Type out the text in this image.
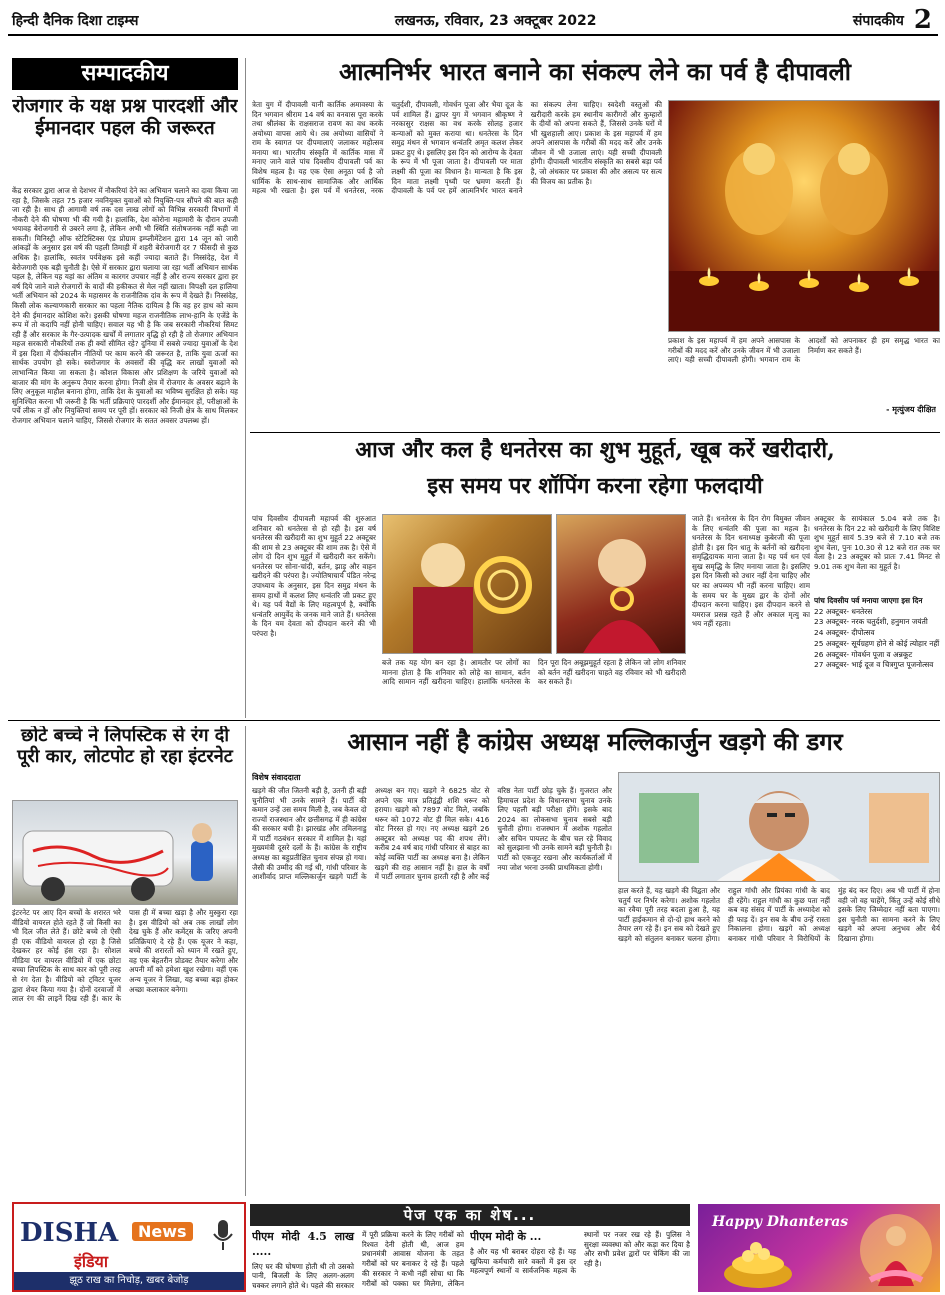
हिन्दी दैनिक दिशा टाइम्स	लखनऊ, रविवार, 23 अक्टूबर 2022	संपादकीय 2
सम्पादकीय
रोजगार के यक्ष प्रश्न पारदर्शी और ईमानदार पहल की जरूरत
केंद्र सरकार द्वारा आज से देशभर में नौकरियां देने का अभियान चलाने का दावा किया जा रहा है, जिसके तहत 75 हजार नवनियुक्त युवाओं को नियुक्ति-पत्र सौंपने की बात कही जा रही है। साथ ही आगामी वर्ष तक दस लाख लोगों को विभिन्न सरकारी विभागों में नौकरी देने की घोषणा भी की गयी है। हालांकि, देश कोरोना महामारी के दौरान उपजी भयावह बेरोजगारी से उबरने लगा है, लेकिन अभी भी स्थिति संतोषजनक नहीं कही जा सकती। मिनिस्ट्री ऑफ स्टेटिस्टिक्स एंड प्रोग्राम इम्प्लीमेंटेशन द्वारा 14 जून को जारी आंकड़ों के अनुसार इस वर्ष की पहली तिमाही में शहरी बेरोजगारी दर 7 फीसदी से कुछ अधिक है। हालांकि, स्वतंत्र पर्यवेक्षक इसे कहीं ज्यादा बताते हैं। निस्संदेह, देश में बेरोजगारी एक बड़ी चुनौती है। ऐसे में सरकार द्वारा चलाया जा रहा भर्ती अभियान सार्थक पहल है, लेकिन यह यहां का अंतिम व कारगर उपचार नहीं है और राज्य सरकार द्वारा हर वर्ष दिये जाने वाले रोजगारों के वादों की हकीकत से मेल नहीं खाता। विपक्षी दल हालिया भर्ती अभियान को 2024 के महासमर के राजनीतिक दांव के रूप में देखते हैं। निस्संदेह, किसी लोक कल्याणकारी सरकार का पहला नैतिक दायित्व है कि वह हर हाथ को काम देने की ईमानदार कोशिश करे। इसकी घोषणा महज राजनीतिक लाभ-हानि के एजेंडे के रूप में तो कदापि नहीं होनी चाहिए। सवाल यह भी है कि जब सरकारी नौकरियां सिमट रही हैं और सरकार के गैर-उत्पादक खर्चों में लगातार वृद्धि हो रही है तो रोजगार अभियान महज सरकारी नौकरियों तक ही क्यों सीमित रहे? दुनिया में सबसे ज्यादा युवाओं के देश में इस दिशा में दीर्घकालीन नीतियों पर काम करने की जरूरत है, ताकि युवा ऊर्जा का सार्थक उपयोग हो सके। स्वरोजगार के अवसरों की वृद्धि कर लाखों युवाओं को लाभान्वित किया जा सकता है। कौशल विकास और प्रशिक्षण के जरिये युवाओं को बाजार की मांग के अनुरूप तैयार करना होगा। निजी क्षेत्र में रोजगार के अवसर बढ़ाने के लिए अनुकूल माहौल बनाना होगा, ताकि देश के युवाओं का भविष्य सुरक्षित हो सके। यह सुनिश्चित करना भी जरूरी है कि भर्ती प्रक्रियाएं पारदर्शी और ईमानदार हों, परीक्षाओं के पर्चे लीक न हों और नियुक्तियां समय पर पूरी हों। सरकार को निजी क्षेत्र के साथ मिलकर रोजगार अभियान चलाने चाहिए, जिससे रोजगार के सतत अवसर उपलब्ध हों।
आत्मनिर्भर भारत बनाने का संकल्प लेने का पर्व है दीपावली
त्रेता युग में दीपावली यानी कार्तिक अमावस्या के दिन भगवान श्रीराम 14 वर्ष का वनवास पूरा करके तथा श्रीलंका के राक्षसराज रावण का वध करके अयोध्या वापस आये थे। तब अयोध्या वासियों ने राम के स्वागत पर दीपमालाएं जलाकर महोत्सव मनाया था। भारतीय संस्कृति में कार्तिक मास में मनाए जाने वाले पांच दिवसीय दीपावली पर्व का विशेष महत्व है। यह एक ऐसा अनूठा पर्व है जो धार्मिक के साथ-साथ सामाजिक और आर्थिक महत्व भी रखता है। इस पर्व में धनतेरस, नरक चतुर्दशी, दीपावली, गोवर्धन पूजा और भैया दूज के पर्व शामिल हैं। द्वापर युग में भगवान श्रीकृष्ण ने नरकासुर राक्षस का वध करके सोलह हजार कन्याओं को मुक्त कराया था। धनतेरस के दिन समुद्र मंथन से भगवान धन्वंतरि अमृत कलश लेकर प्रकट हुए थे। इसलिए इस दिन को आरोग्य के देवता के रूप में भी पूजा जाता है। दीपावली पर माता लक्ष्मी की पूजा का विधान है। मान्यता है कि इस दिन माता लक्ष्मी पृथ्वी पर भ्रमण करती हैं। दीपावली के पर्व पर हमें आत्मनिर्भर भारत बनाने का संकल्प लेना चाहिए। स्वदेशी वस्तुओं की खरीदारी करके हम स्थानीय कारीगरों और कुम्हारों के दीयों को अपना सकते हैं, जिससे उनके घरों में भी खुशहाली आए। प्रकाश के इस महापर्व में हम अपने आसपास के गरीबों की मदद करें और उनके जीवन में भी उजाला लाएं। यही सच्ची दीपावली होगी। दीपावली भारतीय संस्कृति का सबसे बड़ा पर्व है, जो अंधकार पर प्रकाश की और असत्य पर सत्य की विजय का प्रतीक है।
प्रकाश के इस महापर्व में हम अपने आसपास के गरीबों की मदद करें और उनके जीवन में भी उजाला लाएं। यही सच्ची दीपावली होगी। भगवान राम के आदर्शों को अपनाकर ही हम समृद्ध भारत का निर्माण कर सकते हैं।
- मृत्युंजय दीक्षित
आज और कल है धनतेरस का शुभ मुहूर्त, खूब करें खरीदारी,
इस समय पर शॉपिंग करना रहेगा फलदायी
पांच दिवसीय दीपावली महापर्व की शुरुआत शनिवार को धनतेरस से हो रही है। इस वर्ष धनतेरस की खरीदारी का शुभ मुहूर्त 22 अक्टूबर की शाम से 23 अक्टूबर की शाम तक है। ऐसे में लोग दो दिन शुभ मुहूर्त में खरीदारी कर सकेंगे। धनतेरस पर सोना-चांदी, बर्तन, झाड़ू और वाहन खरीदने की परंपरा है। ज्योतिषाचार्य पंडित नरेन्द्र उपाध्याय के अनुसार, इस दिन समुद्र मंथन के समय हाथों में कलश लिए धन्वंतरि जी प्रकट हुए थे। यह पर्व वैद्यों के लिए महत्वपूर्ण है, क्योंकि धन्वंतरि आयुर्वेद के जनक माने जाते हैं। धनतेरस के दिन यम देवता को दीपदान करने की भी परंपरा है।
बजे तक यह योग बन रहा है। आमतौर पर लोगों का मानना होता है कि शनिवार को लोहे का सामान, बर्तन आदि सामान नहीं खरीदना चाहिए। हालांकि धनतेरस के दिन पूरा दिन अबूझमुहूर्त रहता है लेकिन जो लोग शनिवार को बर्तन नहीं खरीदना चाहते वह रविवार को भी खरीदारी कर सकते हैं।
जाते हैं। धनतेरस के दिन रोग विमुक्त जीवन के लिए धन्वंतरि की पूजा का महत्व है। धनतेरस के दिन धनाध्यक्ष कुबेरजी की पूजा होती है। इस दिन धातु के बर्तनों को खरीदना समृद्धिदायक माना जाता है। यह पर्व धन एवं सुख समृद्धि के लिए मनाया जाता है। इसलिए इस दिन किसी को उधार नहीं देना चाहिए और घर का अपव्यय भी नहीं करना चाहिए। शाम के समय घर के मुख्य द्वार के दोनों ओर दीपदान करना चाहिए। इस दीपदान करने से यमराज प्रसन्न रहते हैं और अकाल मृत्यु का भय नहीं रहता।
अक्टूबर के सायंकाल 5.04 बजे तक है। धनतेरस के दिन 22 को खरीदारी के लिए विशिष्ट शुभ मुहूर्त सायं 5.39 बजे से 7.10 बजे तक शुभ वेला, पुनः 10.30 से 12 बजे रात तक चर वेला है। 23 अक्टूबर को प्रातः 7.41 मिनट से 9.01 तक शुभ वेला का मुहूर्त है।
पांच दिवसीय पर्व मनाया जाएगा इस दिन
22 अक्टूबर- धनतेरस
23 अक्टूबर- नरक चतुर्दशी, हनुमान जयंती
24 अक्टूबर- दीपोत्सव
25 अक्टूबर- सूर्यग्रहण होने से कोई त्योहार नहीं
26 अक्टूबर- गोवर्धन पूजा व अन्नकूट
27 अक्टूबर- भाई दूज व चित्रगुप्त पूजनोत्सव
छोटे बच्चे ने लिपस्टिक से रंग दी पूरी कार, लोटपोट हो रहा इंटरनेट
इंटरनेट पर आए दिन बच्चों के शरारत भरे वीडियो वायरल होते रहते हैं जो किसी का भी दिल जीत लेते हैं। छोटे बच्चे तो ऐसी ही एक वीडियो वायरल हो रहा है जिसे देखकर हर कोई हंस रहा है। सोशल मीडिया पर वायरल वीडियो में एक छोटा बच्चा लिपस्टिक के साथ कार को पूरी तरह से रंग देता है। वीडियो को ट्विटर यूजर द्वारा शेयर किया गया है। दोनों दरवाजों में लाल रंग की लाइनें दिख रही हैं। कार के पास ही में बच्चा खड़ा है और मुस्कुरा रहा है। इस वीडियो को अब तक लाखों लोग देख चुके हैं और कमेंट्स के जरिए अपनी प्रतिक्रियाएं दे रहे हैं। एक यूजर ने कहा, बच्चे की शरारतों को ध्यान में रखते हुए, वह एक बेहतरीन प्रोडक्ट तैयार करेगा और अपनी माँ को हमेशा खुश रखेगा। वहीं एक अन्य यूजर ने लिखा, यह बच्चा बड़ा होकर अच्छा कलाकार बनेगा।
आसान नहीं है कांग्रेस अध्यक्ष मल्लिकार्जुन खड़गे की डगर
विशेष संवाददाता
खड़गे की जीत जितनी बड़ी है, उतनी ही बड़ी चुनौतियां भी उनके सामने हैं। पार्टी की कमान उन्हें उस समय मिली है, जब केवल दो राज्यों राजस्थान और छत्तीसगढ़ में ही कांग्रेस की सरकार बची है। झारखंड और तमिलनाडु में पार्टी गठबंधन सरकार में शामिल है। यहां मुख्यमंत्री दूसरे दलों के हैं। कांग्रेस के राष्ट्रीय अध्यक्ष का बहुप्रतीक्षित चुनाव संपन्न हो गया। जैसी की उम्मीद की गई थी, गांधी परिवार के आशीर्वाद प्राप्त मल्लिकार्जुन खड़गे पार्टी के अध्यक्ष बन गए। खड़गे ने 6825 वोट से अपने एक मात्र प्रतिद्वंद्वी शशि थरूर को हराया। खड़गे को 7897 वोट मिले, जबकि थरूर को 1072 वोट ही मिल सके। 416 वोट निरस्त हो गए। नए अध्यक्ष खड़गे 26 अक्टूबर को अध्यक्ष पद की शपथ लेंगे। करीब 24 वर्ष बाद गांधी परिवार से बाहर का कोई व्यक्ति पार्टी का अध्यक्ष बना है। लेकिन खड़गे की राह आसान नहीं है। हाल के वर्षों में पार्टी लगातार चुनाव हारती रही है और कई वरिष्ठ नेता पार्टी छोड़ चुके हैं। गुजरात और हिमाचल प्रदेश के विधानसभा चुनाव उनके लिए पहली बड़ी परीक्षा होंगे। इसके बाद 2024 का लोकसभा चुनाव सबसे बड़ी चुनौती होगा। राजस्थान में अशोक गहलोत और सचिन पायलट के बीच चल रहे विवाद को सुलझाना भी उनके सामने बड़ी चुनौती है। पार्टी को एकजुट रखना और कार्यकर्ताओं में नया जोश भरना उनकी प्राथमिकता होगी।
हाल करते हैं, यह खड़गे की विद्वता और चतुर्य पर निर्भर करेगा। अशोक गहलोत का रवैया पूरी तरह बदला हुआ है, यह पार्टी हाईकमान से दो-दो हाथ करने को तैयार लग रहे हैं। इन सब को देखते हुए खड़गे को संतुलन बनाकर चलना होगा। राहुल गांधी और प्रियंका गांधी के बाद ही रहेंगे। राहुल गांधी का कुछ पता नहीं कब वह संसद में पार्टी के अध्यादेश को ही फाड़ दें। इन सब के बीच उन्हें रास्ता निकालना होगा। खड़गे को अध्यक्ष बनाकर गांधी परिवार ने विरोधियों के मुंह बंद कर दिए। अब भी पार्टी में होना वही जो वह चाहेंगे, किंतु उन्हें कोई सीधे इसके लिए जिम्मेदार नहीं बता पाएगा। इस चुनौती का सामना करने के लिए खड़गे को अपना अनुभव और धैर्य दिखाना होगा।
पेज एक का शेष...
पीएम मोदी 4.5 लाख .....
लिए घर की घोषणा होती थी तो उसको पानी, बिजली के लिए अलग-अलग चक्कर लगाने होते थे। पहले की सरकार में पूरी प्रक्रिया करने के लिए गरीबों को रिश्वत देनी होती थी, आज हम प्रधानमंत्री आवास योजना के तहत गरीबों को घर बनाकर दे रहे हैं। पहले की सरकार ने कभी नहीं सोचा था कि गरीबों को पक्का घर मिलेगा, लेकिन
पीएम मोदी के ...
है और यह भी बराबर दोहरा रहे हैं। यह खुफिया कर्मचारी सारे वक्तों में इस दर महत्वपूर्ण स्थानों व सार्वजनिक महत्व के स्थानों पर नजर रख रहे हैं। पुलिस ने सुरक्षा व्यवस्था को और कड़ा कर दिया है और सभी प्रवेश द्वारों पर चेकिंग की जा रही है।
DISHA	News
इंडिया
झूठ राख का निचोड़, खबर बेजोड़
Happy Dhanteras
